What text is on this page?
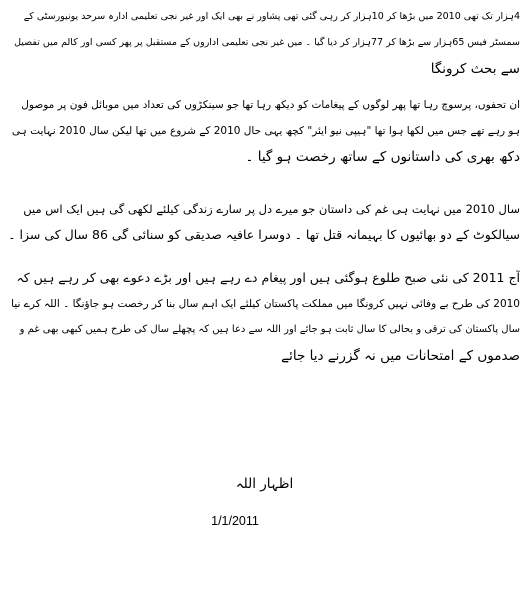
4ہزار تک تھی 2010 میں بڑھا کر 10ہزار کر رہی گئی تھی پشاور نے بھی ایک اور غیر نجی تعلیمی ادارہ سرحد یونیورسٹی کے
سمسٹر فیس 65ہزار سے بڑھا کر 77ہزار کر دیا گیا ۔ میں غیر نجی تعلیمی اداروں کے مستقبل پر پھر کسی اور کالم میں تفصیل
سے بحث کرونگا
ان تحفوں، پرسوچ رہا تھا پھر لوگوں کے پیغامات کو دیکھ رہا تھا جو سینکڑوں کی تعداد میں موبائل فون پر موصول
ہو رہے تھے جس میں لکھا ہوا تھا "ہیپی نیو ایئر" کچھ یہی حال 2010 کے شروع میں تھا لیکن سال 2010 نہایت ہی
دکھ بھری کی داستانوں کے ساتھ رخصت ہو گیا ۔
سال 2010 میں نہایت ہی غم کی داستان جو میرے دل پر سارے زندگی کیلئے لکھی گی ہیں ایک اس میں
سیالکوٹ کے دو بھائیوں کا بہیمانہ قتل تھا ۔ دوسرا عافیہ صدیقی کو سنائی گی 86 سال کی سزا ۔
آج 2011 کی نئی صبح طلوع ہوگئی ہیں اور پیغام دے رہے ہیں اور بڑے دعوے بھی کر رہے ہیں کہ
2010 کی طرح بے وفائی نہیں کرونگا میں مملکت پاکستان کیلئے ایک اہم سال بنا کر رخصت ہو جاؤنگا ۔ اللہ کرے نیا
سال پاکستان کی ترقی و بحالی کا سال ثابت ہو جائے اور اللہ سے دعا ہیں کہ پچھلے سال کی طرح ہمیں کبھی بھی غم و
صدموں کے امتحانات میں نہ گزرنے دیا جائے
اظہار اللہ
1/1/2011
